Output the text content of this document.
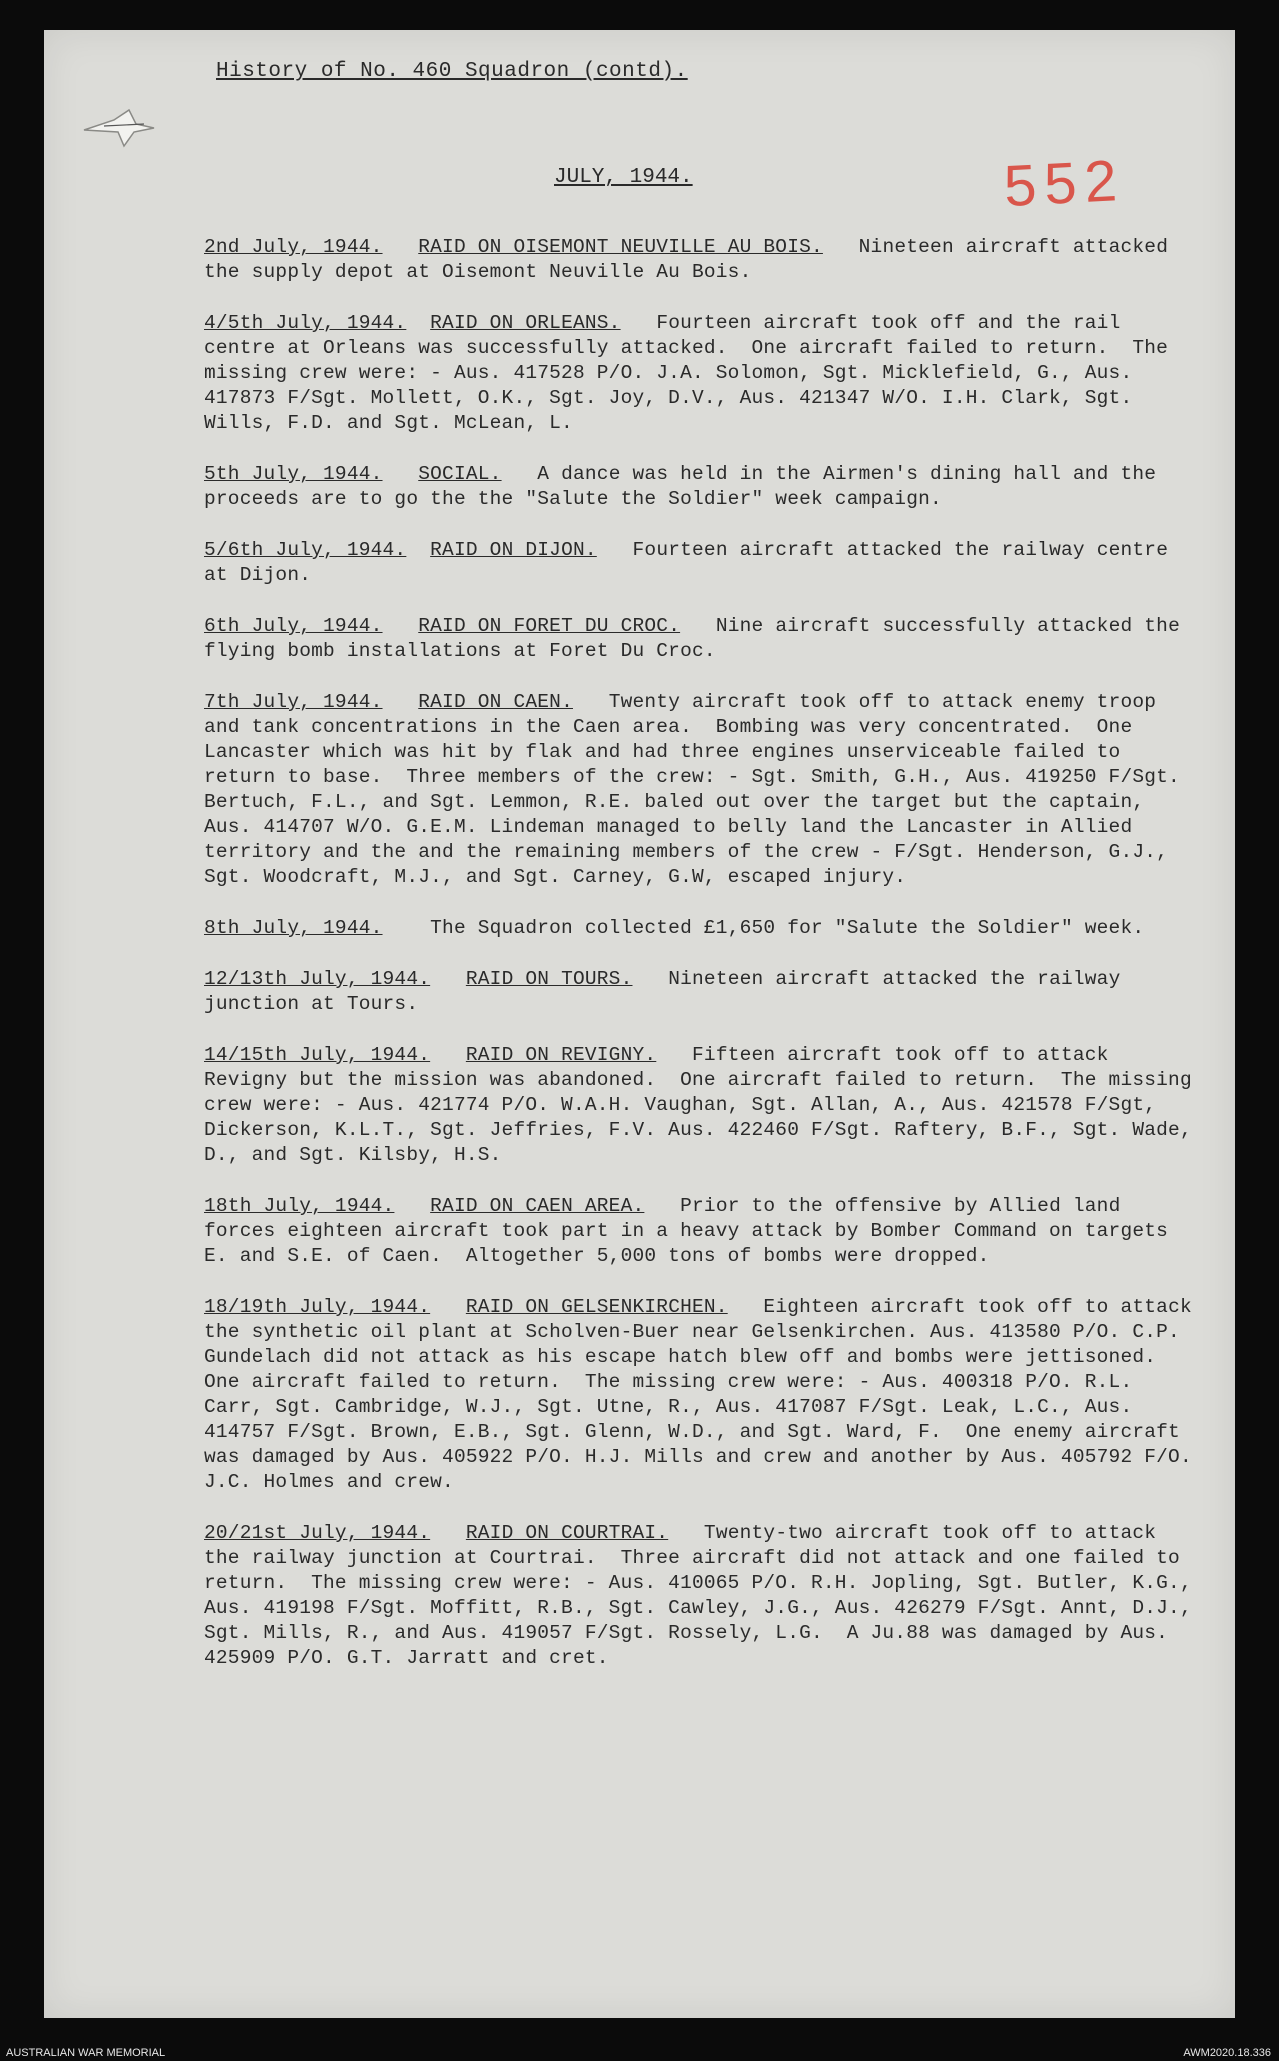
History of No. 460 Squadron (contd).
552
JULY, 1944.

2nd July, 1944. RAID ON OISEMONT NEUVILLE AU BOIS. Nineteen aircraft attacked the supply depot at Oisemont Neuville Au Bois.

4/5th July, 1944. RAID ON ORLEANS. Fourteen aircraft took off and the rail centre at Orleans was successfully attacked.  One aircraft failed to return.  The missing crew were: - Aus. 417528 P/O. J.A. Solomon, Sgt. Micklefield, G., Aus. 417873 F/Sgt. Mollett, O.K., Sgt. Joy, D.V., Aus. 421347 W/O. I.H. Clark, Sgt. Wills, F.D. and Sgt. McLean, L.

5th July, 1944. SOCIAL. A dance was held in the Airmen's dining hall and the proceeds are to go the the "Salute the Soldier" week campaign.

5/6th July, 1944. RAID ON DIJON. Fourteen aircraft attacked the railway centre at Dijon.

6th July, 1944. RAID ON FORET DU CROC. Nine aircraft successfully attacked the flying bomb installations at Foret Du Croc.

7th July, 1944. RAID ON CAEN. Twenty aircraft took off to attack enemy troop and tank concentrations in the Caen area.  Bombing was very concentrated.  One Lancaster which was hit by flak and had three engines unserviceable failed to return to base.  Three members of the crew: - Sgt. Smith, G.H., Aus. 419250 F/Sgt. Bertuch, F.L., and Sgt. Lemmon, R.E. baled out over the target but the captain, Aus. 414707 W/O. G.E.M. Lindeman managed to belly land the Lancaster in Allied territory and the and the remaining members of the crew - F/Sgt. Henderson, G.J., Sgt. Woodcraft, M.J., and Sgt. Carney, G.W, escaped injury.

8th July, 1944. The Squadron collected £1,650 for "Salute the Soldier" week.

12/13th July, 1944. RAID ON TOURS. Nineteen aircraft attacked the railway junction at Tours.

14/15th July, 1944. RAID ON REVIGNY. Fifteen aircraft took off to attack Revigny but the mission was abandoned.  One aircraft failed to return.  The missing crew were: - Aus. 421774 P/O. W.A.H. Vaughan, Sgt. Allan, A., Aus. 421578 F/Sgt, Dickerson, K.L.T., Sgt. Jeffries, F.V. Aus. 422460 F/Sgt. Raftery, B.F., Sgt. Wade, D., and Sgt. Kilsby, H.S.

18th July, 1944. RAID ON CAEN AREA. Prior to the offensive by Allied land forces eighteen aircraft took part in a heavy attack by Bomber Command on targets E. and S.E. of Caen.  Altogether 5,000 tons of bombs were dropped.

18/19th July, 1944. RAID ON GELSENKIRCHEN. Eighteen aircraft took off to attack the synthetic oil plant at Scholven-Buer near Gelsenkirchen. Aus. 413580 P/O. C.P. Gundelach did not attack as his escape hatch blew off and bombs were jettisoned.  One aircraft failed to return.  The missing crew were: - Aus. 400318 P/O. R.L. Carr, Sgt. Cambridge, W.J., Sgt. Utne, R., Aus. 417087 F/Sgt. Leak, L.C., Aus. 414757 F/Sgt. Brown, E.B., Sgt. Glenn, W.D., and Sgt. Ward, F.  One enemy aircraft was damaged by Aus. 405922 P/O. H.J. Mills and crew and another by Aus. 405792 F/O. J.C. Holmes and crew.

20/21st July, 1944. RAID ON COURTRAI. Twenty-two aircraft took off to attack the railway junction at Courtrai.  Three aircraft did not attack and one failed to return.  The missing crew were: - Aus. 410065 P/O. R.H. Jopling, Sgt. Butler, K.G., Aus. 419198 F/Sgt. Moffitt, R.B., Sgt. Cawley, J.G., Aus. 426279 F/Sgt. Annt, D.J., Sgt. Mills, R., and Aus. 419057 F/Sgt. Rossely, L.G.  A Ju.88 was damaged by Aus. 425909 P/O. G.T. Jarratt and cret.

AUSTRALIAN WAR MEMORIAL	AWM2020.18.336
